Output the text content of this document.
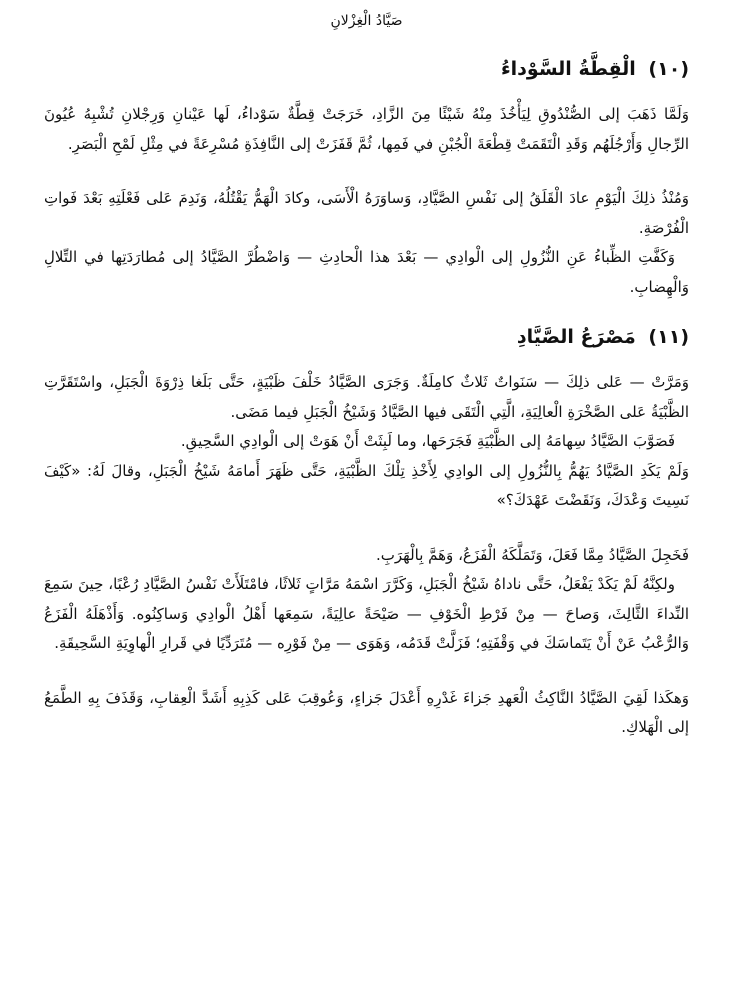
صَيَّادُ الْغِزْلانِ
(١٠) الْقِطَّةُ السَّوْداءُ

وَلَمَّا ذَهَبَ إلى الصُّنْدُوقِ لِيَأْخُذَ مِنْهُ شَيْئًا مِنَ الزَّادِ، خَرَجَتْ قِطَّةٌ سَوْداءُ، لَها عَيْنانِ وَرِجْلانِ تُشْبِهُ عُيُونَ الرِّجالِ وَأَرْجُلَهُم وَقَدِ الْتَقَمَتْ قِطْعَةَ الْجُبْنِ في فَمِها، ثُمَّ قَفَزَتْ إلى النَّافِذَةِ مُسْرِعَةً في مِثْلِ لَمْحِ الْبَصَرِ.

وَمُنْذُ ذلِكَ الْيَوْمِ عادَ الْقَلَقُ إلى نَفْسِ الصَّيَّادِ، وَساوَرَهُ الْأَسَى، وكادَ الْهَمُّ يَقْتُلُهُ، وَنَدِمَ عَلى فَعْلَتِهِ بَعْدَ فَواتِ الْفُرْصَةِ.

وَكَفَّتِ الظِّباءُ عَنِ النُّزُولِ إلى الْوادِي — بَعْدَ هذا الْحادِثِ — وَاضْطُرَّ الصَّيَّادُ إلى مُطارَدَتِها في التِّلالِ وَالْهِضابِ.

(١١) مَصْرَعُ الصَّيَّادِ

وَمَرَّتْ — عَلى ذلِكَ — سَنَواتٌ ثَلاثٌ كامِلَةٌ. وَجَرَى الصَّيَّادُ خَلْفَ ظَبْيَةٍ، حَتَّى بَلَغا ذِرْوَةَ الْجَبَلِ، واسْتَقَرَّتِ الظَّبْيَةُ عَلى الصَّخْرَةِ الْعالِيَةِ، الَّتِي الْتَقَى فيها الصَّيَّادُ وَشَيْخُ الْجَبَلِ فيما مَضَى.

فَصَوَّبَ الصَّيَّادُ سِهامَهُ إلى الظَّبْيَةِ فَجَرَحَها، وما لَبِثَتْ أَنْ هَوَتْ إلى الْوادِي السَّحِيقِ.

وَلَمْ يَكَدِ الصَّيَّادُ يَهُمُّ بِالنُّزُولِ إلى الوادِي لِأَخْذِ تِلْكَ الظَّبْيَةِ، حَتَّى ظَهَرَ أَمامَهُ شَيْخُ الْجَبَلِ، وقالَ لَهُ: «كَيْفَ نَسِيتَ وَعْدَكَ، وَنَقَضْتَ عَهْدَكَ؟»

فَخَجِلَ الصَّيَّادُ مِمَّا فَعَلَ، وَتَمَلَّكَهُ الْفَزَعُ، وَهَمَّ بِالْهَرَبِ.

ولكِنَّهُ لَمْ يَكَدْ يَفْعَلُ، حَتَّى ناداهُ شَيْخُ الْجَبَلِ، وَكَرَّرَ اسْمَهُ مَرَّاتٍ ثَلاثًا، فامْتَلَأَتْ نَفْسُ الصَّيَّادِ رُعْبًا، حِينَ سَمِعَ النِّداءَ الثَّالِثَ، وَصاحَ — مِنْ فَرْطِ الْخَوْفِ — صَيْحَةً عالِيَةً، سَمِعَها أَهْلُ الْوادِي وَساكِنُوه. وَأَذْهَلَهُ الْفَزَعُ وَالرُّعْبُ عَنْ أَنْ يَتَماسَكَ في وَقْفَتِهِ؛ فَزَلَّتْ قَدَمُه، وَهَوَى — مِنْ فَوْرِه — مُتَرَدِّيًا في قَرارِ الْهاوِيَةِ السَّحِيقَةِ.

وَهكَذا لَقِيَ الصَّيَّادُ النَّاكِثُ الْعَهدِ جَزاءَ غَدْرِهِ أَعْدَلَ جَزاءٍ، وَعُوقِبَ عَلى كَذِبِهِ أَشَدَّ الْعِقابِ، وَقَذَفَ بِهِ الطَّمَعُ إلى الْهَلاكِ.
